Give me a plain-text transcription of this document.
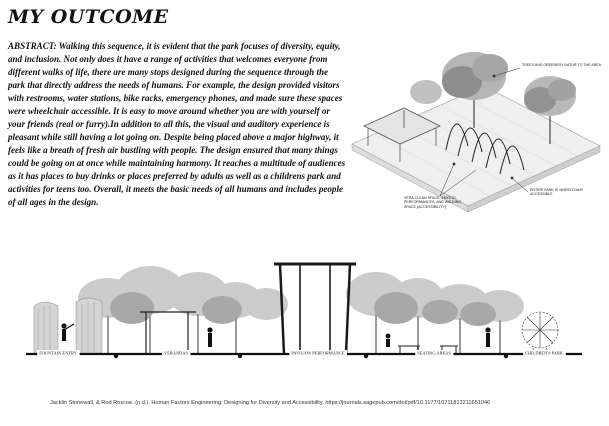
MY OUTCOME

ABSTRACT: Walking this sequence, it is evident that the park focuses of diversity, equity, and inclusion. Not only does it have a range of activities that welcomes everyone from different walks of life, there are many stops designed during the sequence through the park that directly address the needs of humans. For example, the design provided visitors with restrooms, water stations, bike racks, emergency phones, and made sure these spaces were wheelchair accessible. It is easy to move around whether you are with yourself or your friends (real or furry).In addition to all this, the visual and auditory experience is pleasant while still having a lot going on. Despite being placed above a major highway, it feels like a breath of fresh air bustling with people. The design ensured that many things could be going on at once while maintaining harmony. It reaches a multitude of audiences as it has places to buy drinks or places preferred by adults as well as a childrens park and activities for teens too. Overall, it meets the basic needs of all humans and includes people of all ages in the design.

TREES AND GREENERY NATUR TO THE AREA
VERA CLEAN SPACE, EMOTIO PERFORMANCES, AND WALKING SPACE (ACCESSIBILITY)
ENTIRE PARK IS WHEELCHAIR ACCESSIBLE
FOUNTAIN ENTRY	VERANDAS	PAVILION PERFORMANCE	SEATING AREAS	CHILDREN'S PARK

Jacklin Stonewall, & Rod Roscoe. (n.d.). Human Factors Engineering: Designing for Diversity and Accessibility. https://journals.sagepub.com/doi/pdf/10.1177/10711813211651046
